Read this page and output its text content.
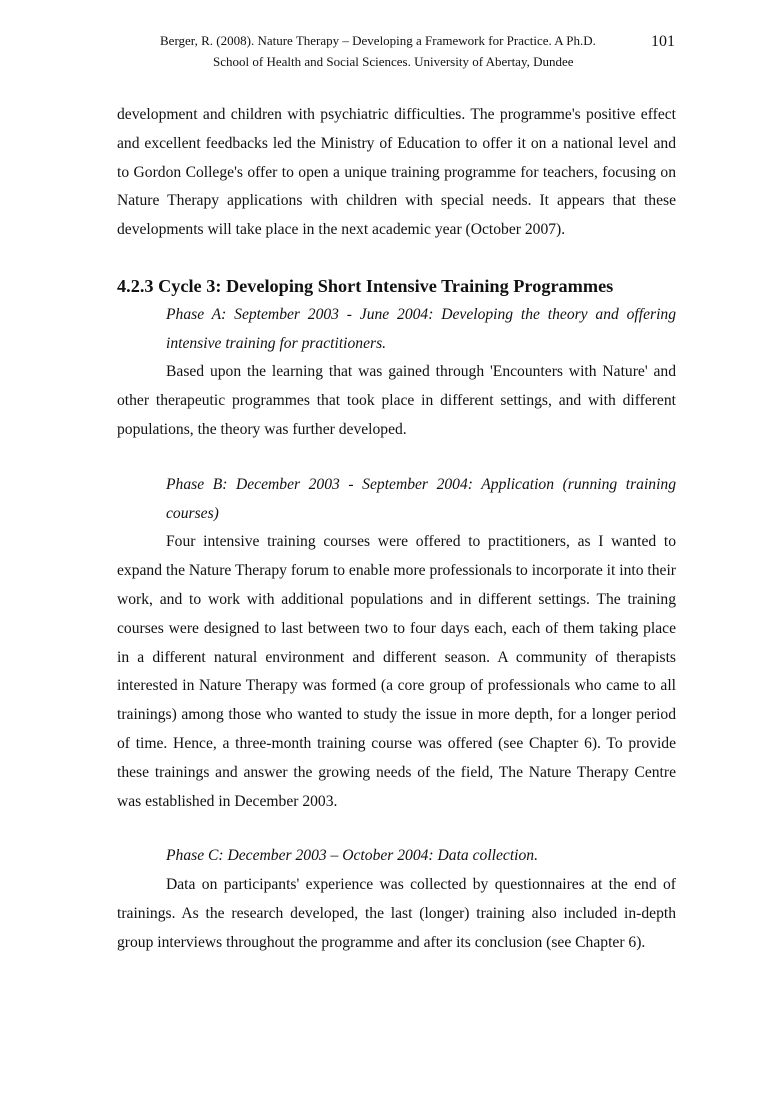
Berger, R. (2008). Nature Therapy – Developing a Framework for Practice. A Ph.D.	101
School of Health and Social Sciences. University of Abertay, Dundee

development and children with psychiatric difficulties. The programme's positive effect and excellent feedbacks led the Ministry of Education to offer it on a national level and to Gordon College's offer to open a unique training programme for teachers, focusing on Nature Therapy applications with children with special needs. It appears that these developments will take place in the next academic year (October 2007).

4.2.3 Cycle 3: Developing Short Intensive Training Programmes

Phase A: September 2003 - June 2004: Developing the theory and offering intensive training for practitioners.

Based upon the learning that was gained through 'Encounters with Nature' and other therapeutic programmes that took place in different settings, and with different populations, the theory was further developed.

Phase B: December 2003 - September 2004: Application (running training courses)

Four intensive training courses were offered to practitioners, as I wanted to expand the Nature Therapy forum to enable more professionals to incorporate it into their work, and to work with additional populations and in different settings. The training courses were designed to last between two to four days each, each of them taking place in a different natural environment and different season. A community of therapists interested in Nature Therapy was formed (a core group of professionals who came to all trainings) among those who wanted to study the issue in more depth, for a longer period of time. Hence, a three-month training course was offered (see Chapter 6). To provide these trainings and answer the growing needs of the field, The Nature Therapy Centre was established in December 2003.

Phase C: December 2003 – October 2004: Data collection.

Data on participants' experience was collected by questionnaires at the end of trainings. As the research developed, the last (longer) training also included in-depth group interviews throughout the programme and after its conclusion (see Chapter 6).
